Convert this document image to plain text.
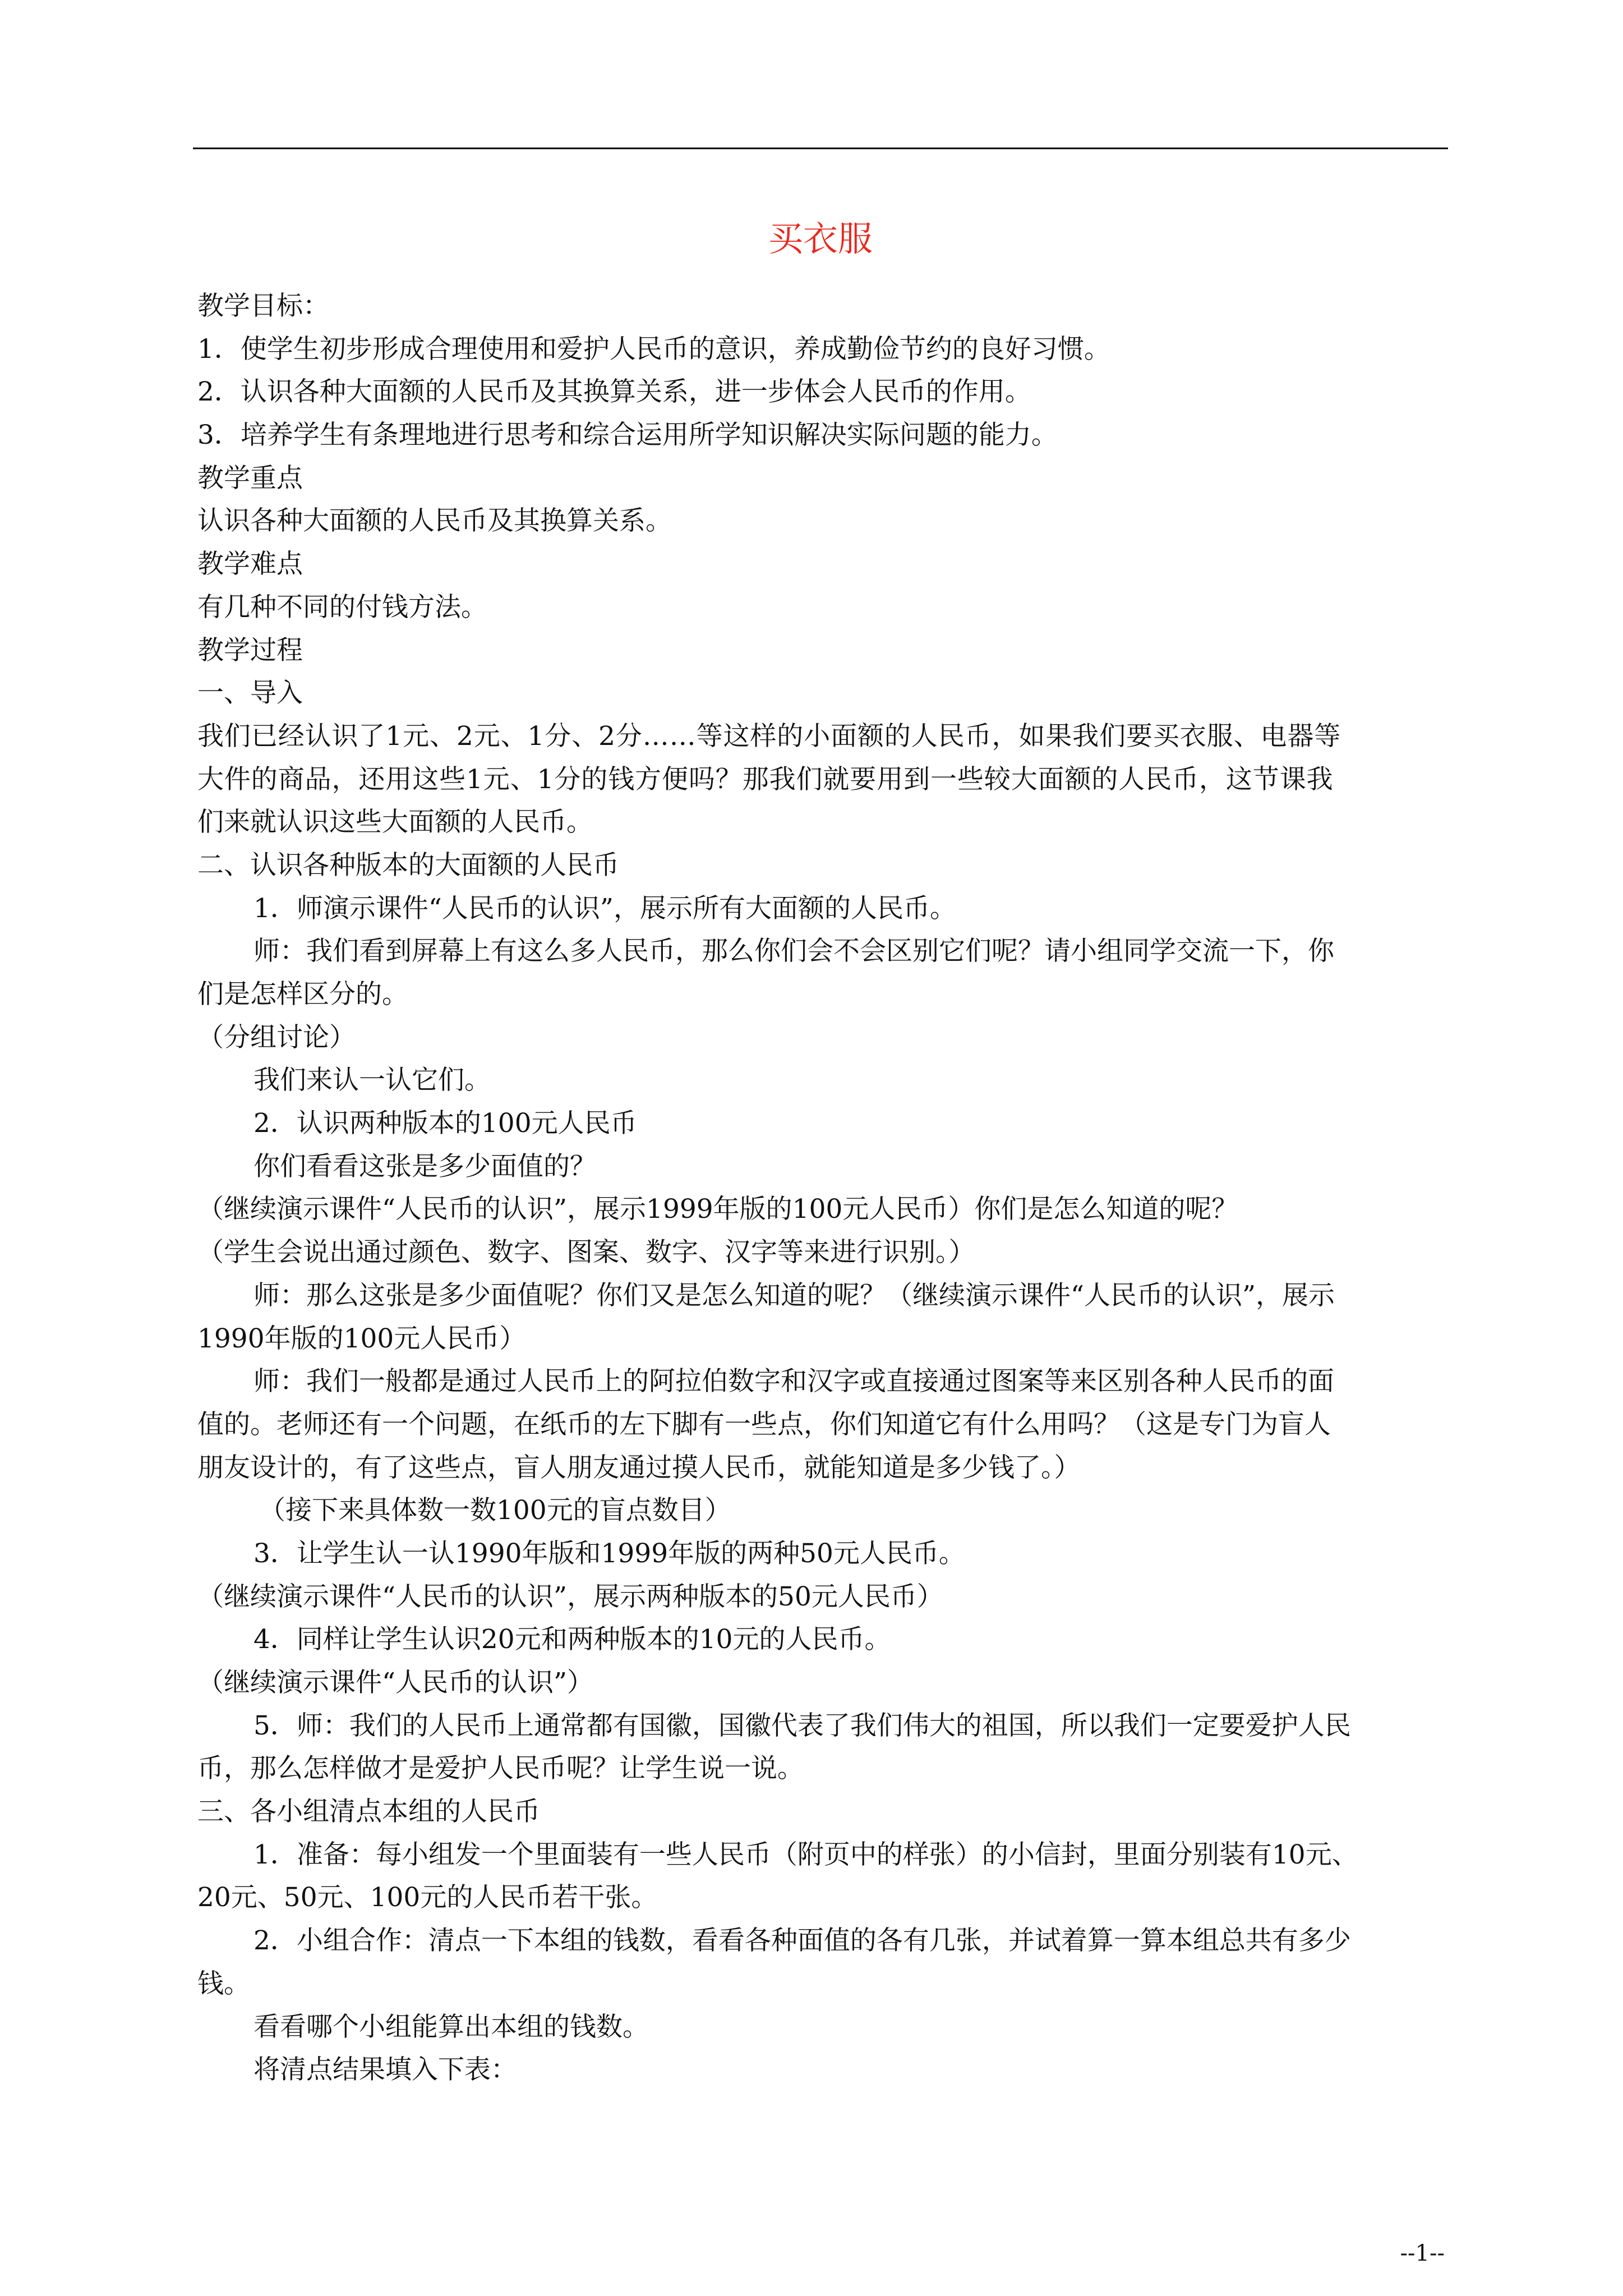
买衣服
教学目标：
1．使学生初步形成合理使用和爱护人民币的意识，养成勤俭节约的良好习惯。
2．认识各种大面额的人民币及其换算关系，进一步体会人民币的作用。
3．培养学生有条理地进行思考和综合运用所学知识解决实际问题的能力。
教学重点
认识各种大面额的人民币及其换算关系。
教学难点
有几种不同的付钱方法。
教学过程
一、导入
我们已经认识了1元、2元、1分、2分……等这样的小面额的人民币，如果我们要买衣服、电器等
大件的商品，还用这些1元、1分的钱方便吗？那我们就要用到一些较大面额的人民币，这节课我
们来就认识这些大面额的人民币。
二、认识各种版本的大面额的人民币
1．师演示课件“人民币的认识”，展示所有大面额的人民币。
师：我们看到屏幕上有这么多人民币，那么你们会不会区别它们呢？请小组同学交流一下，你
们是怎样区分的。
（分组讨论）
我们来认一认它们。
2．认识两种版本的100元人民币
你们看看这张是多少面值的？
（继续演示课件“人民币的认识”，展示1999年版的100元人民币）你们是怎么知道的呢？
（学生会说出通过颜色、数字、图案、数字、汉字等来进行识别。）
师：那么这张是多少面值呢？你们又是怎么知道的呢？（继续演示课件“人民币的认识”，展示
1990年版的100元人民币）
师：我们一般都是通过人民币上的阿拉伯数字和汉字或直接通过图案等来区别各种人民币的面
值的。老师还有一个问题，在纸币的左下脚有一些点，你们知道它有什么用吗？（这是专门为盲人
朋友设计的，有了这些点，盲人朋友通过摸人民币，就能知道是多少钱了。）
（接下来具体数一数100元的盲点数目）
3．让学生认一认1990年版和1999年版的两种50元人民币。
（继续演示课件“人民币的认识”，展示两种版本的50元人民币）
4．同样让学生认识20元和两种版本的10元的人民币。
（继续演示课件“人民币的认识”）
5．师：我们的人民币上通常都有国徽，国徽代表了我们伟大的祖国，所以我们一定要爱护人民
币，那么怎样做才是爱护人民币呢？让学生说一说。
三、各小组清点本组的人民币
1．准备：每小组发一个里面装有一些人民币（附页中的样张）的小信封，里面分别装有10元、
20元、50元、100元的人民币若干张。
2．小组合作：清点一下本组的钱数，看看各种面值的各有几张，并试着算一算本组总共有多少
钱。
看看哪个小组能算出本组的钱数。
将清点结果填入下表：
--1--
